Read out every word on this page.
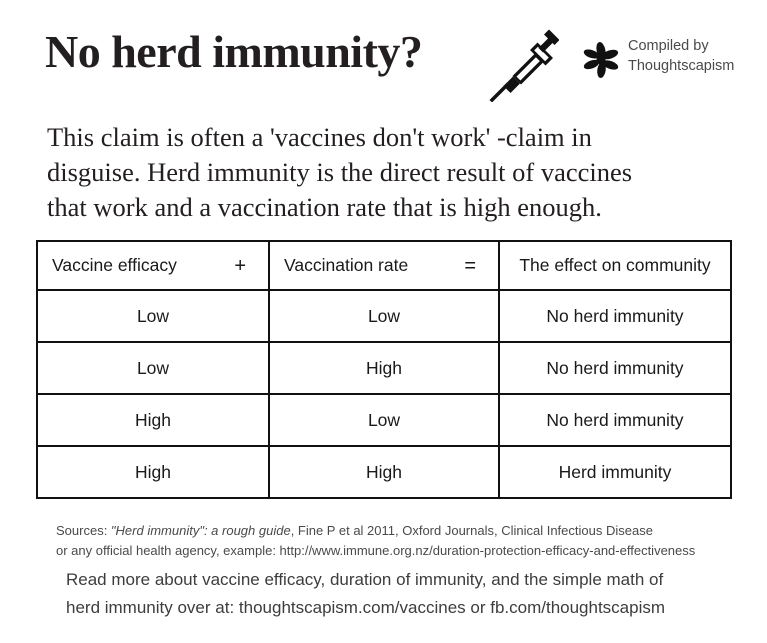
No herd immunity?	Compiled by
Thoughtscapism

This claim is often a 'vaccines don't work' -claim in
disguise. Herd immunity is the direct result of vaccines
that work and a vaccination rate that is high enough.

Vaccine efficacy +	Vaccination rate =	The effect on community

Low	Low	No herd immunity
Low	High	No herd immunity
High	Low	No herd immunity
High	High	Herd immunity
Sources: "Herd immunity": a rough guide, Fine P et al 2011, Oxford Journals, Clinical Infectious Disease
or any official health agency, example: http://www.immune.org.nz/duration-protection-efficacy-and-effectiveness
Read more about vaccine efficacy, duration of immunity, and the simple math of
herd immunity over at: thoughtscapism.com/vaccines or fb.com/thoughtscapism
